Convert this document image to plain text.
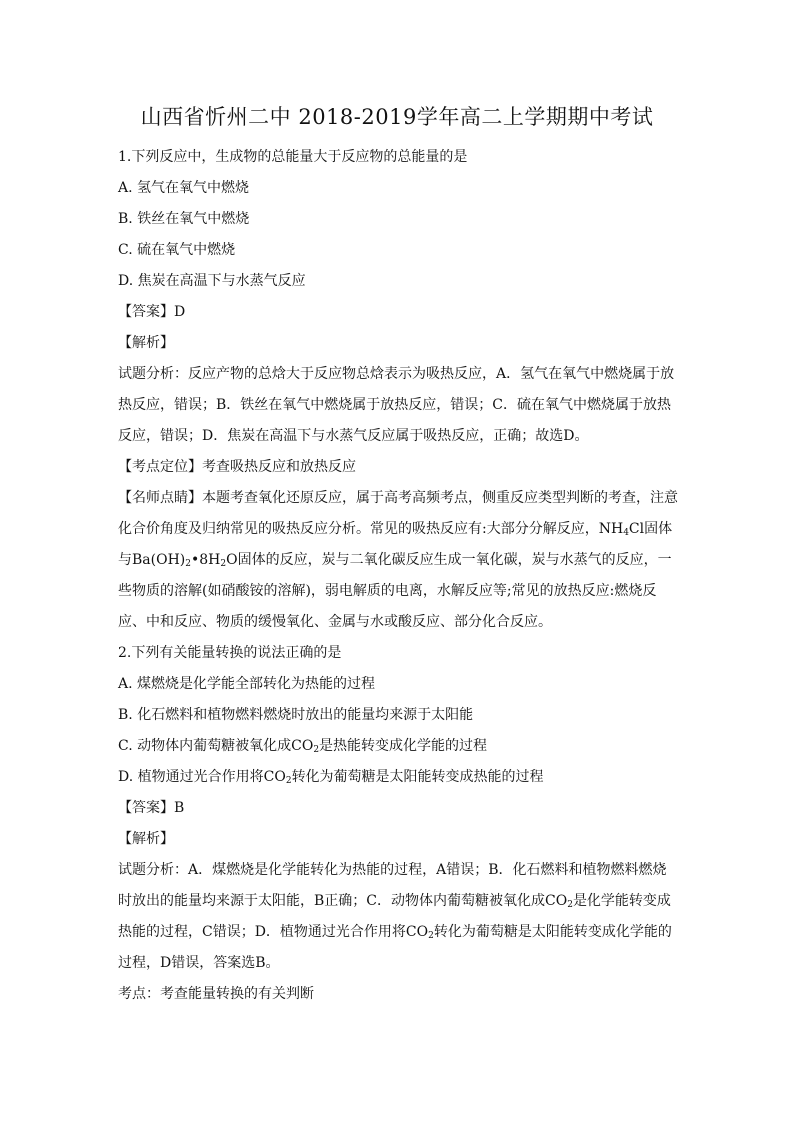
山西省忻州二中 2018-2019学年高二上学期期中考试
1.下列反应中，生成物的总能量大于反应物的总能量的是
A. 氢气在氧气中燃烧
B. 铁丝在氧气中燃烧
C. 硫在氧气中燃烧
D. 焦炭在高温下与水蒸气反应
【答案】D
【解析】
试题分析：反应产物的总焓大于反应物总焓表示为吸热反应，A．氢气在氧气中燃烧属于放热反应，错误；B．铁丝在氧气中燃烧属于放热反应，错误；C．硫在氧气中燃烧属于放热反应，错误；D．焦炭在高温下与水蒸气反应属于吸热反应，正确；故选D。
【考点定位】考查吸热反应和放热反应
【名师点睛】本题考查氧化还原反应，属于高考高频考点，侧重反应类型判断的考查，注意化合价角度及归纳常见的吸热反应分析。常见的吸热反应有:大部分分解反应，$NH_4Cl$固体与$Ba(OH)_2•8H_2O$固体的反应，炭与二氧化碳反应生成一氧化碳，炭与水蒸气的反应，一些物质的溶解(如硝酸铵的溶解)，弱电解质的电离，水解反应等;常见的放热反应:燃烧反应、中和反应、物质的缓慢氧化、金属与水或酸反应、部分化合反应。
2.下列有关能量转换的说法正确的是
A. 煤燃烧是化学能全部转化为热能的过程
B. 化石燃料和植物燃料燃烧时放出的能量均来源于太阳能
C. 动物体内葡萄糖被氧化成$CO_2$是热能转变成化学能的过程
D. 植物通过光合作用将$CO_2$转化为葡萄糖是太阳能转变成热能的过程
【答案】B
【解析】
试题分析：A．煤燃烧是化学能转化为热能的过程，A错误；B．化石燃料和植物燃料燃烧时放出的能量均来源于太阳能，B正确；C．动物体内葡萄糖被氧化成$CO_2$是化学能转变成热能的过程，C错误；D．植物通过光合作用将$CO_2$转化为葡萄糖是太阳能转变成化学能的过程，D错误，答案选B。
考点：考查能量转换的有关判断
